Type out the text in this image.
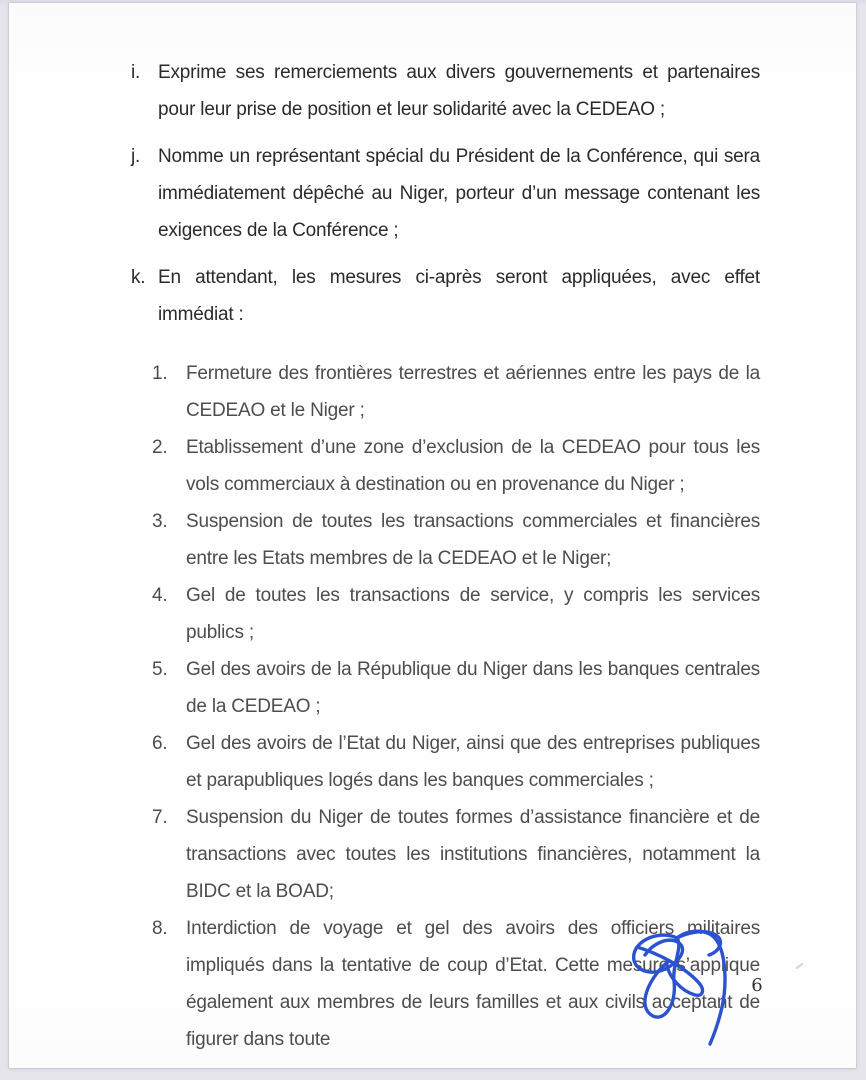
i. Exprime ses remerciements aux divers gouvernements et partenaires pour leur prise de position et leur solidarité avec la CEDEAO ;
j. Nomme un représentant spécial du Président de la Conférence, qui sera immédiatement dépêché au Niger, porteur d’un message contenant les exigences de la Conférence ;
k. En attendant, les mesures ci-après seront appliquées, avec effet immédiat :
1. Fermeture des frontières terrestres et aériennes entre les pays de la CEDEAO et le Niger ;
2. Etablissement d’une zone d’exclusion de la CEDEAO pour tous les vols commerciaux à destination ou en provenance du Niger ;
3. Suspension de toutes les transactions commerciales et financières entre les Etats membres de la CEDEAO et le Niger;
4. Gel de toutes les transactions de service, y compris les services publics ;
5. Gel des avoirs de la République du Niger dans les banques centrales de la CEDEAO ;
6. Gel des avoirs de l’Etat du Niger, ainsi que des entreprises publiques et parapubliques logés dans les banques commerciales ;
7. Suspension du Niger de toutes formes d’assistance financière et de transactions avec toutes les institutions financières, notamment la BIDC et la BOAD;
8. Interdiction de voyage et gel des avoirs des officiers militaires impliqués dans la tentative de coup d’Etat. Cette mesure s’applique également aux membres de leurs familles et aux civils acceptant de figurer dans toute
6
